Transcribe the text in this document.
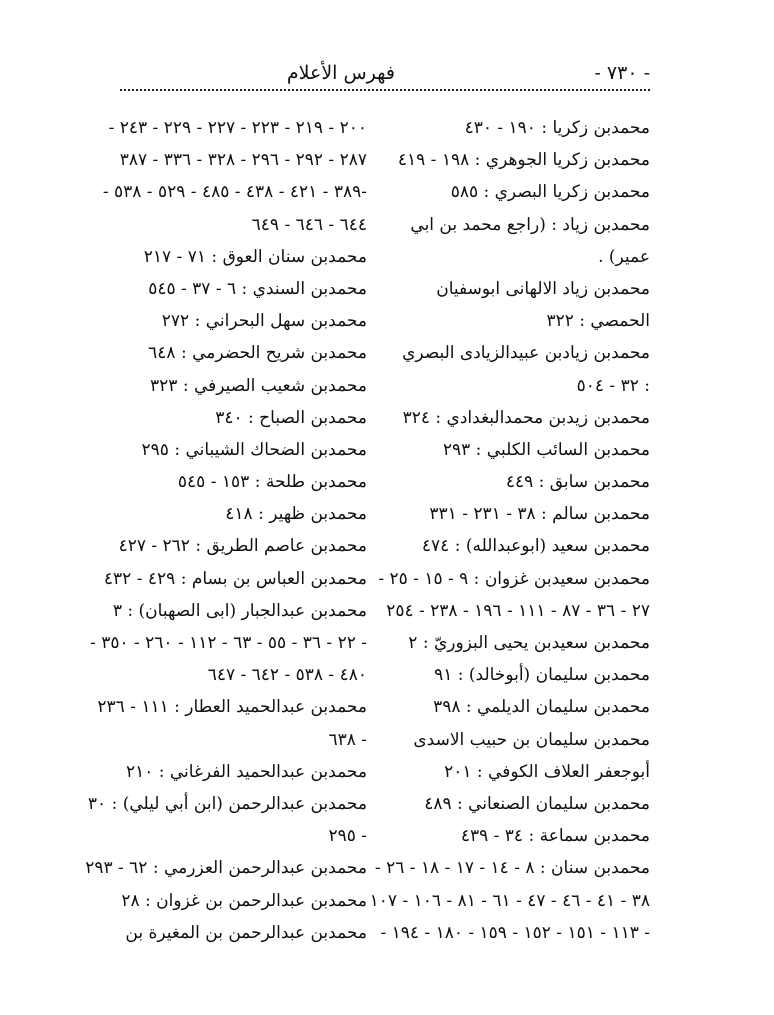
- ٧٣٠ -
فهرس الأعلام
محمدبن زكريا : ١٩٠ - ٤٣٠
محمدبن زكريا الجوهري : ١٩٨ - ٤١٩
محمدبن زكريا البصري : ٥٨٥
محمدبن زياد : (راجع محمد بن ابي
عمير) .
محمدبن زياد الالهانى ابوسفيان
الحمصي : ٣٢٢
محمدبن زيادبن عبيدالزيادى البصري
: ٣٢ - ٥٠٤
محمدبن زيدبن محمدالبغدادي : ٣٢٤
محمدبن السائب الكلبي : ٢٩٣
محمدبن سابق : ٤٤٩
محمدبن سالم : ٣٨ - ٢٣١ - ٣٣١
محمدبن سعيد (ابوعبدالله) : ٤٧٤
محمدبن سعيدبن غزوان : ٩ - ١٥ - ٢٥ -
٢٧ - ٣٦ - ٨٧ - ١١١ - ١٩٦ - ٢٣٨ - ٢٥٤
محمدبن سعيدبن يحيى البزوريّ : ٢
محمدبن سليمان (أبوخالد) : ٩١
محمدبن سليمان الديلمي : ٣٩٨
محمدبن سليمان بن حبيب الاسدى
أبوجعفر العلاف الكوفي : ٢٠١
محمدبن سليمان الصنعاني : ٤٨٩
محمدبن سماعة : ٣٤ - ٤٣٩
محمدبن سنان : ٨ - ١٤ - ١٧ - ١٨ - ٢٦ -
٣٨ - ٤١ - ٤٦ - ٤٧ - ٦١ - ٨١ - ١٠٦ - ١٠٧
- ١١٣ - ١٥١ - ١٥٢ - ١٥٩ - ١٨٠ - ١٩٤ -
٢٠٠ - ٢١٩ - ٢٢٣ - ٢٢٧ - ٢٢٩ - ٢٤٣ -
٢٨٧ - ٢٩٢ - ٢٩٦ - ٣٢٨ - ٣٣٦ - ٣٨٧
-٣٨٩ - ٤٢١ - ٤٣٨ - ٤٨٥ - ٥٢٩ - ٥٣٨ -
٦٤٤ - ٦٤٦ - ٦٤٩
محمدبن سنان العوق : ٧١ - ٢١٧
محمدبن السندي : ٦ - ٣٧ - ٥٤٥
محمدبن سهل البحراني : ٢٧٢
محمدبن شريح الحضرمي : ٦٤٨
محمدبن شعيب الصيرفي : ٣٢٣
محمدبن الصباح : ٣٤٠
محمدبن الضحاك الشيباني : ٢٩٥
محمدبن طلحة : ١٥٣ - ٥٤٥
محمدبن ظهير : ٤١٨
محمدبن عاصم الطريق : ٢٦٢ - ٤٢٧
محمدبن العباس بن بسام : ٤٢٩ - ٤٣٢
محمدبن عبدالجبار (ابى الصهبان) : ٣
- ٢٢ - ٣٦ - ٥٥ - ٦٣ - ١١٢ - ٢٦٠ - ٣٥٠ -
٤٨٠ - ٥٣٨ - ٦٤٢ - ٦٤٧
محمدبن عبدالحميد العطار : ١١١ - ٢٣٦
- ٦٣٨
محمدبن عبدالحميد الفرغاني : ٢١٠
محمدبن عبدالرحمن (ابن أبي ليلي) : ٣٠
- ٢٩٥
محمدبن عبدالرحمن العزرمي : ٦٢ - ٢٩٣
محمدبن عبدالرحمن بن غزوان : ٢٨
محمدبن عبدالرحمن بن المغيرة بن
